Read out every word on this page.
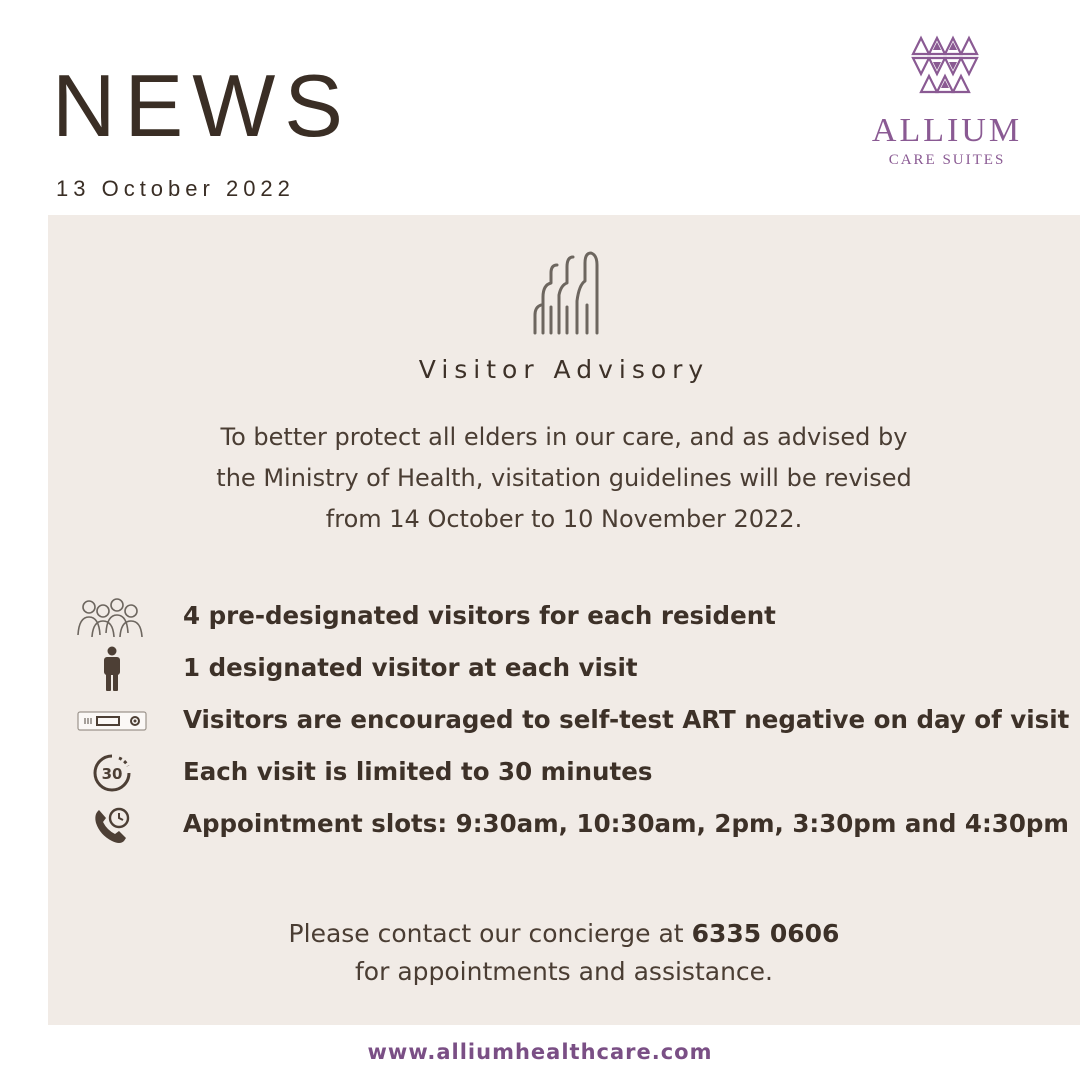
NEWS
13 October 2022
ALLIUM
CARE SUITES
Visitor Advisory
To better protect all elders in our care, and as advised by
the Ministry of Health, visitation guidelines will be revised
from 14 October to 10 November 2022.
4 pre-designated visitors for each resident
1 designated visitor at each visit
Visitors are encouraged to self-test ART negative on day of visit
30 Each visit is limited to 30 minutes
Appointment slots: 9:30am, 10:30am, 2pm, 3:30pm and 4:30pm
Please contact our concierge at 6335 0606
for appointments and assistance.
www.alliumhealthcare.com
